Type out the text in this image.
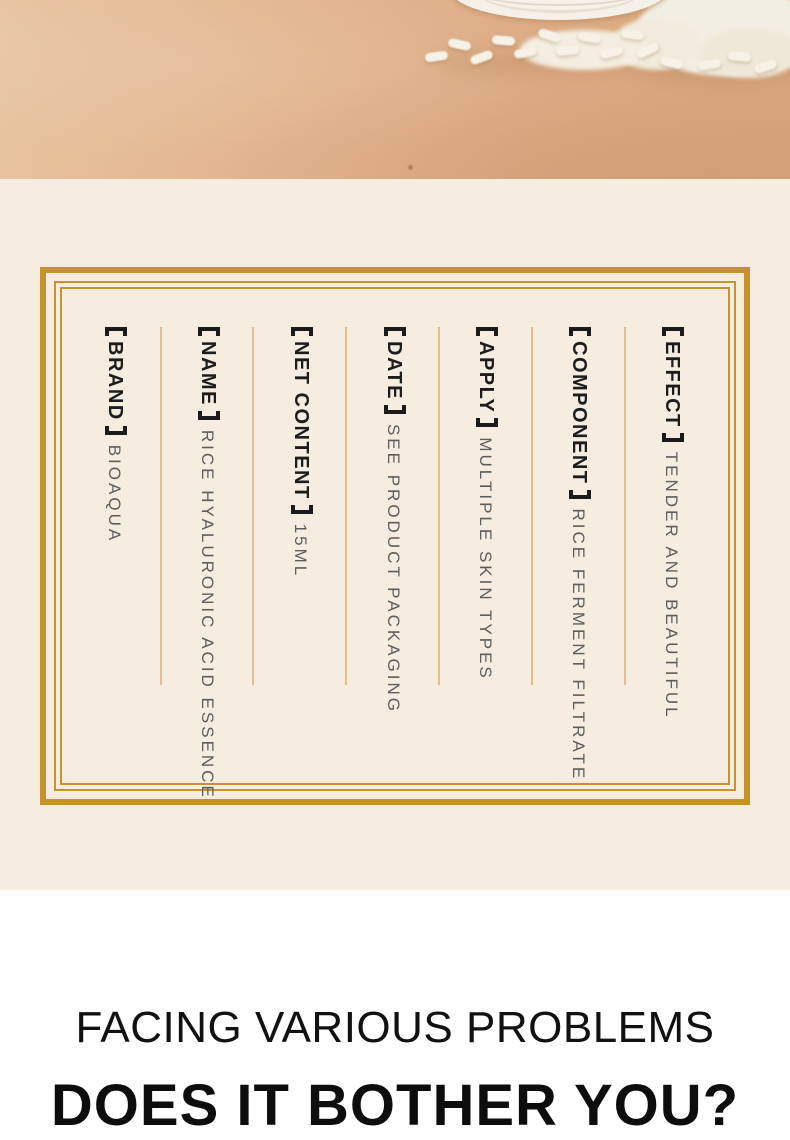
EFFECTTENDER AND BEAUTIFUL
COMPONENTRICE FERMENT FILTRATE
APPLYMULTIPLE SKIN TYPES
DATESEE PRODUCT PACKAGING
NET CONTENT15ML
NAMERICE HYALURONIC ACID ESSENCE
BRANDBIOAQUA
FACING VARIOUS PROBLEMS
DOES IT BOTHER YOU?
